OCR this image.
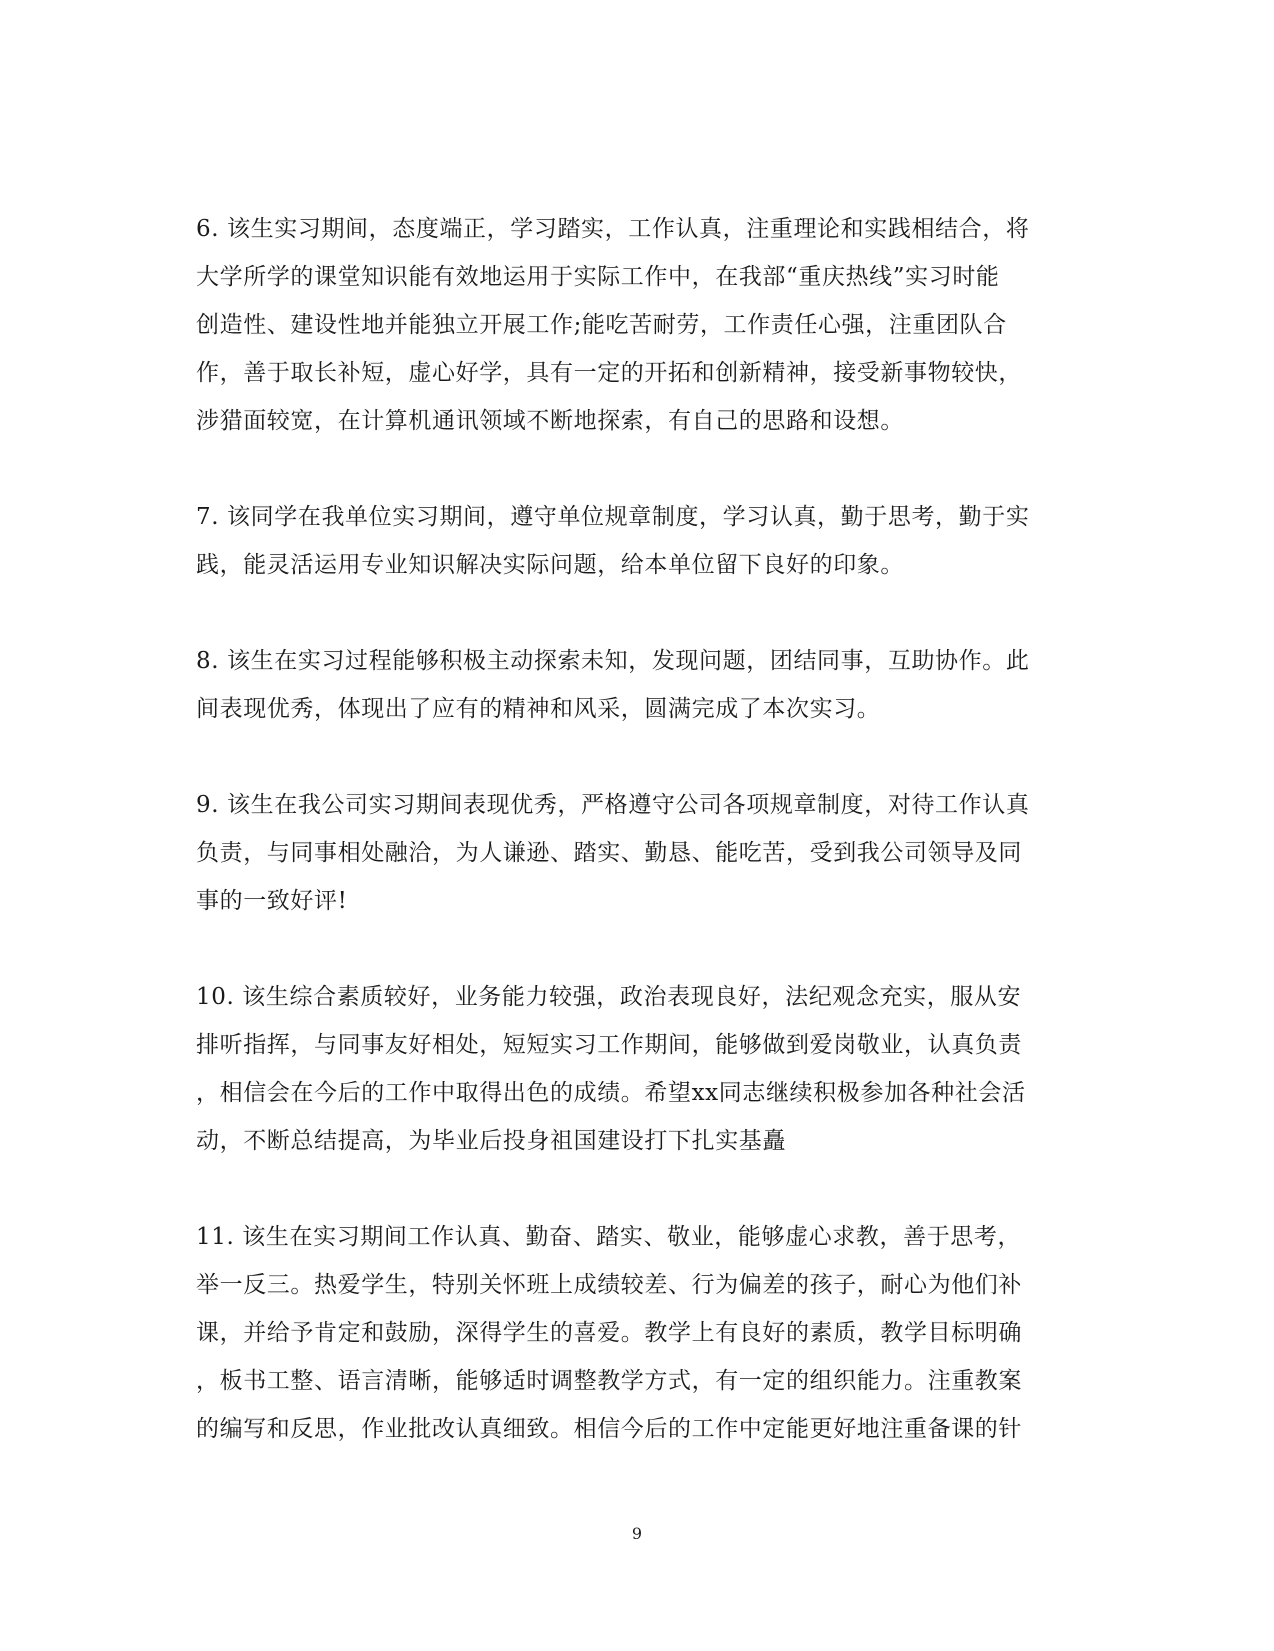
6. 该生实习期间，态度端正，学习踏实，工作认真，注重理论和实践相结合，将
大学所学的课堂知识能有效地运用于实际工作中，在我部“重庆热线”实习时能
创造性、建设性地并能独立开展工作;能吃苦耐劳，工作责任心强，注重团队合
作，善于取长补短，虚心好学，具有一定的开拓和创新精神，接受新事物较快，
涉猎面较宽，在计算机通讯领域不断地探索，有自己的思路和设想。

7. 该同学在我单位实习期间，遵守单位规章制度，学习认真，勤于思考，勤于实
践，能灵活运用专业知识解决实际问题，给本单位留下良好的印象。

8. 该生在实习过程能够积极主动探索未知，发现问题，团结同事，互助协作。此
间表现优秀，体现出了应有的精神和风采，圆满完成了本次实习。

9. 该生在我公司实习期间表现优秀，严格遵守公司各项规章制度，对待工作认真
负责，与同事相处融洽，为人谦逊、踏实、勤恳、能吃苦，受到我公司领导及同
事的一致好评!

10. 该生综合素质较好，业务能力较强，政治表现良好，法纪观念充实，服从安
排听指挥，与同事友好相处，短短实习工作期间，能够做到爱岗敬业，认真负责
，相信会在今后的工作中取得出色的成绩。希望xx同志继续积极参加各种社会活
动，不断总结提高，为毕业后投身祖国建设打下扎实基矗

11. 该生在实习期间工作认真、勤奋、踏实、敬业，能够虚心求教，善于思考，
举一反三。热爱学生，特别关怀班上成绩较差、行为偏差的孩子，耐心为他们补
课，并给予肯定和鼓励，深得学生的喜爱。教学上有良好的素质，教学目标明确
，板书工整、语言清晰，能够适时调整教学方式，有一定的组织能力。注重教案
的编写和反思，作业批改认真细致。相信今后的工作中定能更好地注重备课的针

9
